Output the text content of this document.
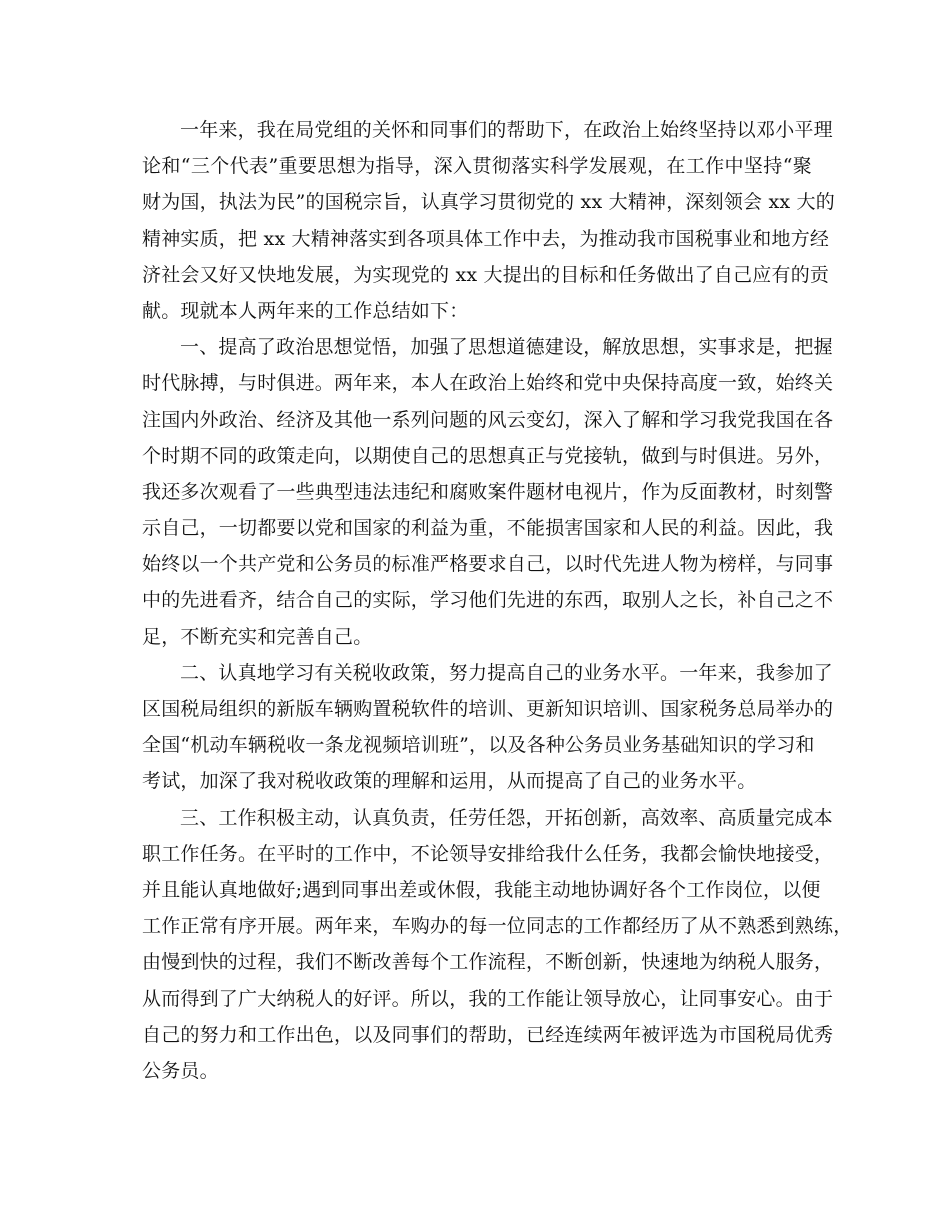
一年来，我在局党组的关怀和同事们的帮助下，在政治上始终坚持以邓小平理
论和“三个代表”重要思想为指导，深入贯彻落实科学发展观，在工作中坚持“聚
财为国，执法为民”的国税宗旨，认真学习贯彻党的 xx 大精神，深刻领会 xx 大的
精神实质，把 xx 大精神落实到各项具体工作中去，为推动我市国税事业和地方经
济社会又好又快地发展，为实现党的 xx 大提出的目标和任务做出了自己应有的贡
献。现就本人两年来的工作总结如下：
一、提高了政治思想觉悟，加强了思想道德建设，解放思想，实事求是，把握
时代脉搏，与时俱进。两年来，本人在政治上始终和党中央保持高度一致，始终关
注国内外政治、经济及其他一系列问题的风云变幻，深入了解和学习我党我国在各
个时期不同的政策走向，以期使自己的思想真正与党接轨，做到与时俱进。另外，
我还多次观看了一些典型违法违纪和腐败案件题材电视片，作为反面教材，时刻警
示自己，一切都要以党和国家的利益为重，不能损害国家和人民的利益。因此，我
始终以一个共产党和公务员的标准严格要求自己，以时代先进人物为榜样，与同事
中的先进看齐，结合自己的实际，学习他们先进的东西，取别人之长，补自己之不
足，不断充实和完善自己。
二、认真地学习有关税收政策，努力提高自己的业务水平。一年来，我参加了
区国税局组织的新版车辆购置税软件的培训、更新知识培训、国家税务总局举办的
全国“机动车辆税收一条龙视频培训班”，以及各种公务员业务基础知识的学习和
考试，加深了我对税收政策的理解和运用，从而提高了自己的业务水平。
三、工作积极主动，认真负责，任劳任怨，开拓创新，高效率、高质量完成本
职工作任务。在平时的工作中，不论领导安排给我什么任务，我都会愉快地接受，
并且能认真地做好;遇到同事出差或休假，我能主动地协调好各个工作岗位，以便
工作正常有序开展。两年来，车购办的每一位同志的工作都经历了从不熟悉到熟练，
由慢到快的过程，我们不断改善每个工作流程，不断创新，快速地为纳税人服务，
从而得到了广大纳税人的好评。所以，我的工作能让领导放心，让同事安心。由于
自己的努力和工作出色，以及同事们的帮助，已经连续两年被评选为市国税局优秀
公务员。
